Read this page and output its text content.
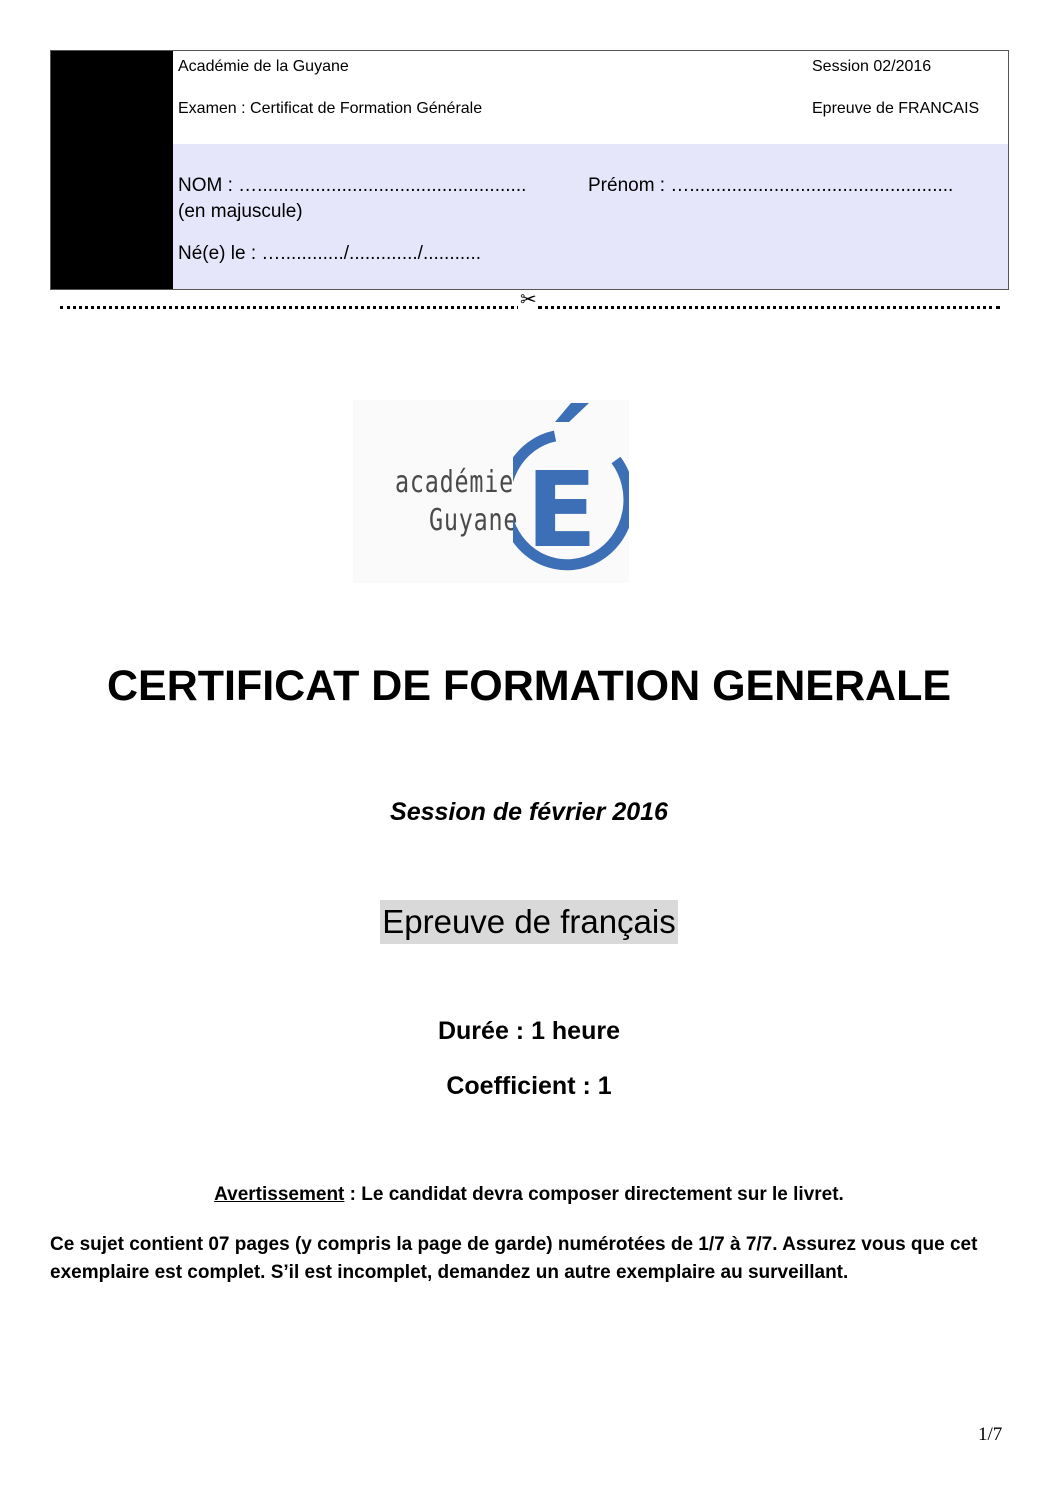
Académie de la Guyane	Session 02/2016
Examen : Certificat de Formation Générale	Epreuve de FRANCAIS
NOM : …...................................................	Prénom : …..................................................
(en majuscule)
Né(e) le : …............/............./...........
✂
académie
Guyane E
CERTIFICAT DE FORMATION GENERALE
Session de février 2016
Epreuve de français
Durée : 1 heure
Coefficient : 1
Avertissement : Le candidat devra composer directement sur le livret.
Ce sujet contient 07 pages (y compris la page de garde) numérotées de 1/7 à 7/7. Assurez vous que cet exemplaire est complet. S’il est incomplet, demandez un autre exemplaire au surveillant.
1/7
